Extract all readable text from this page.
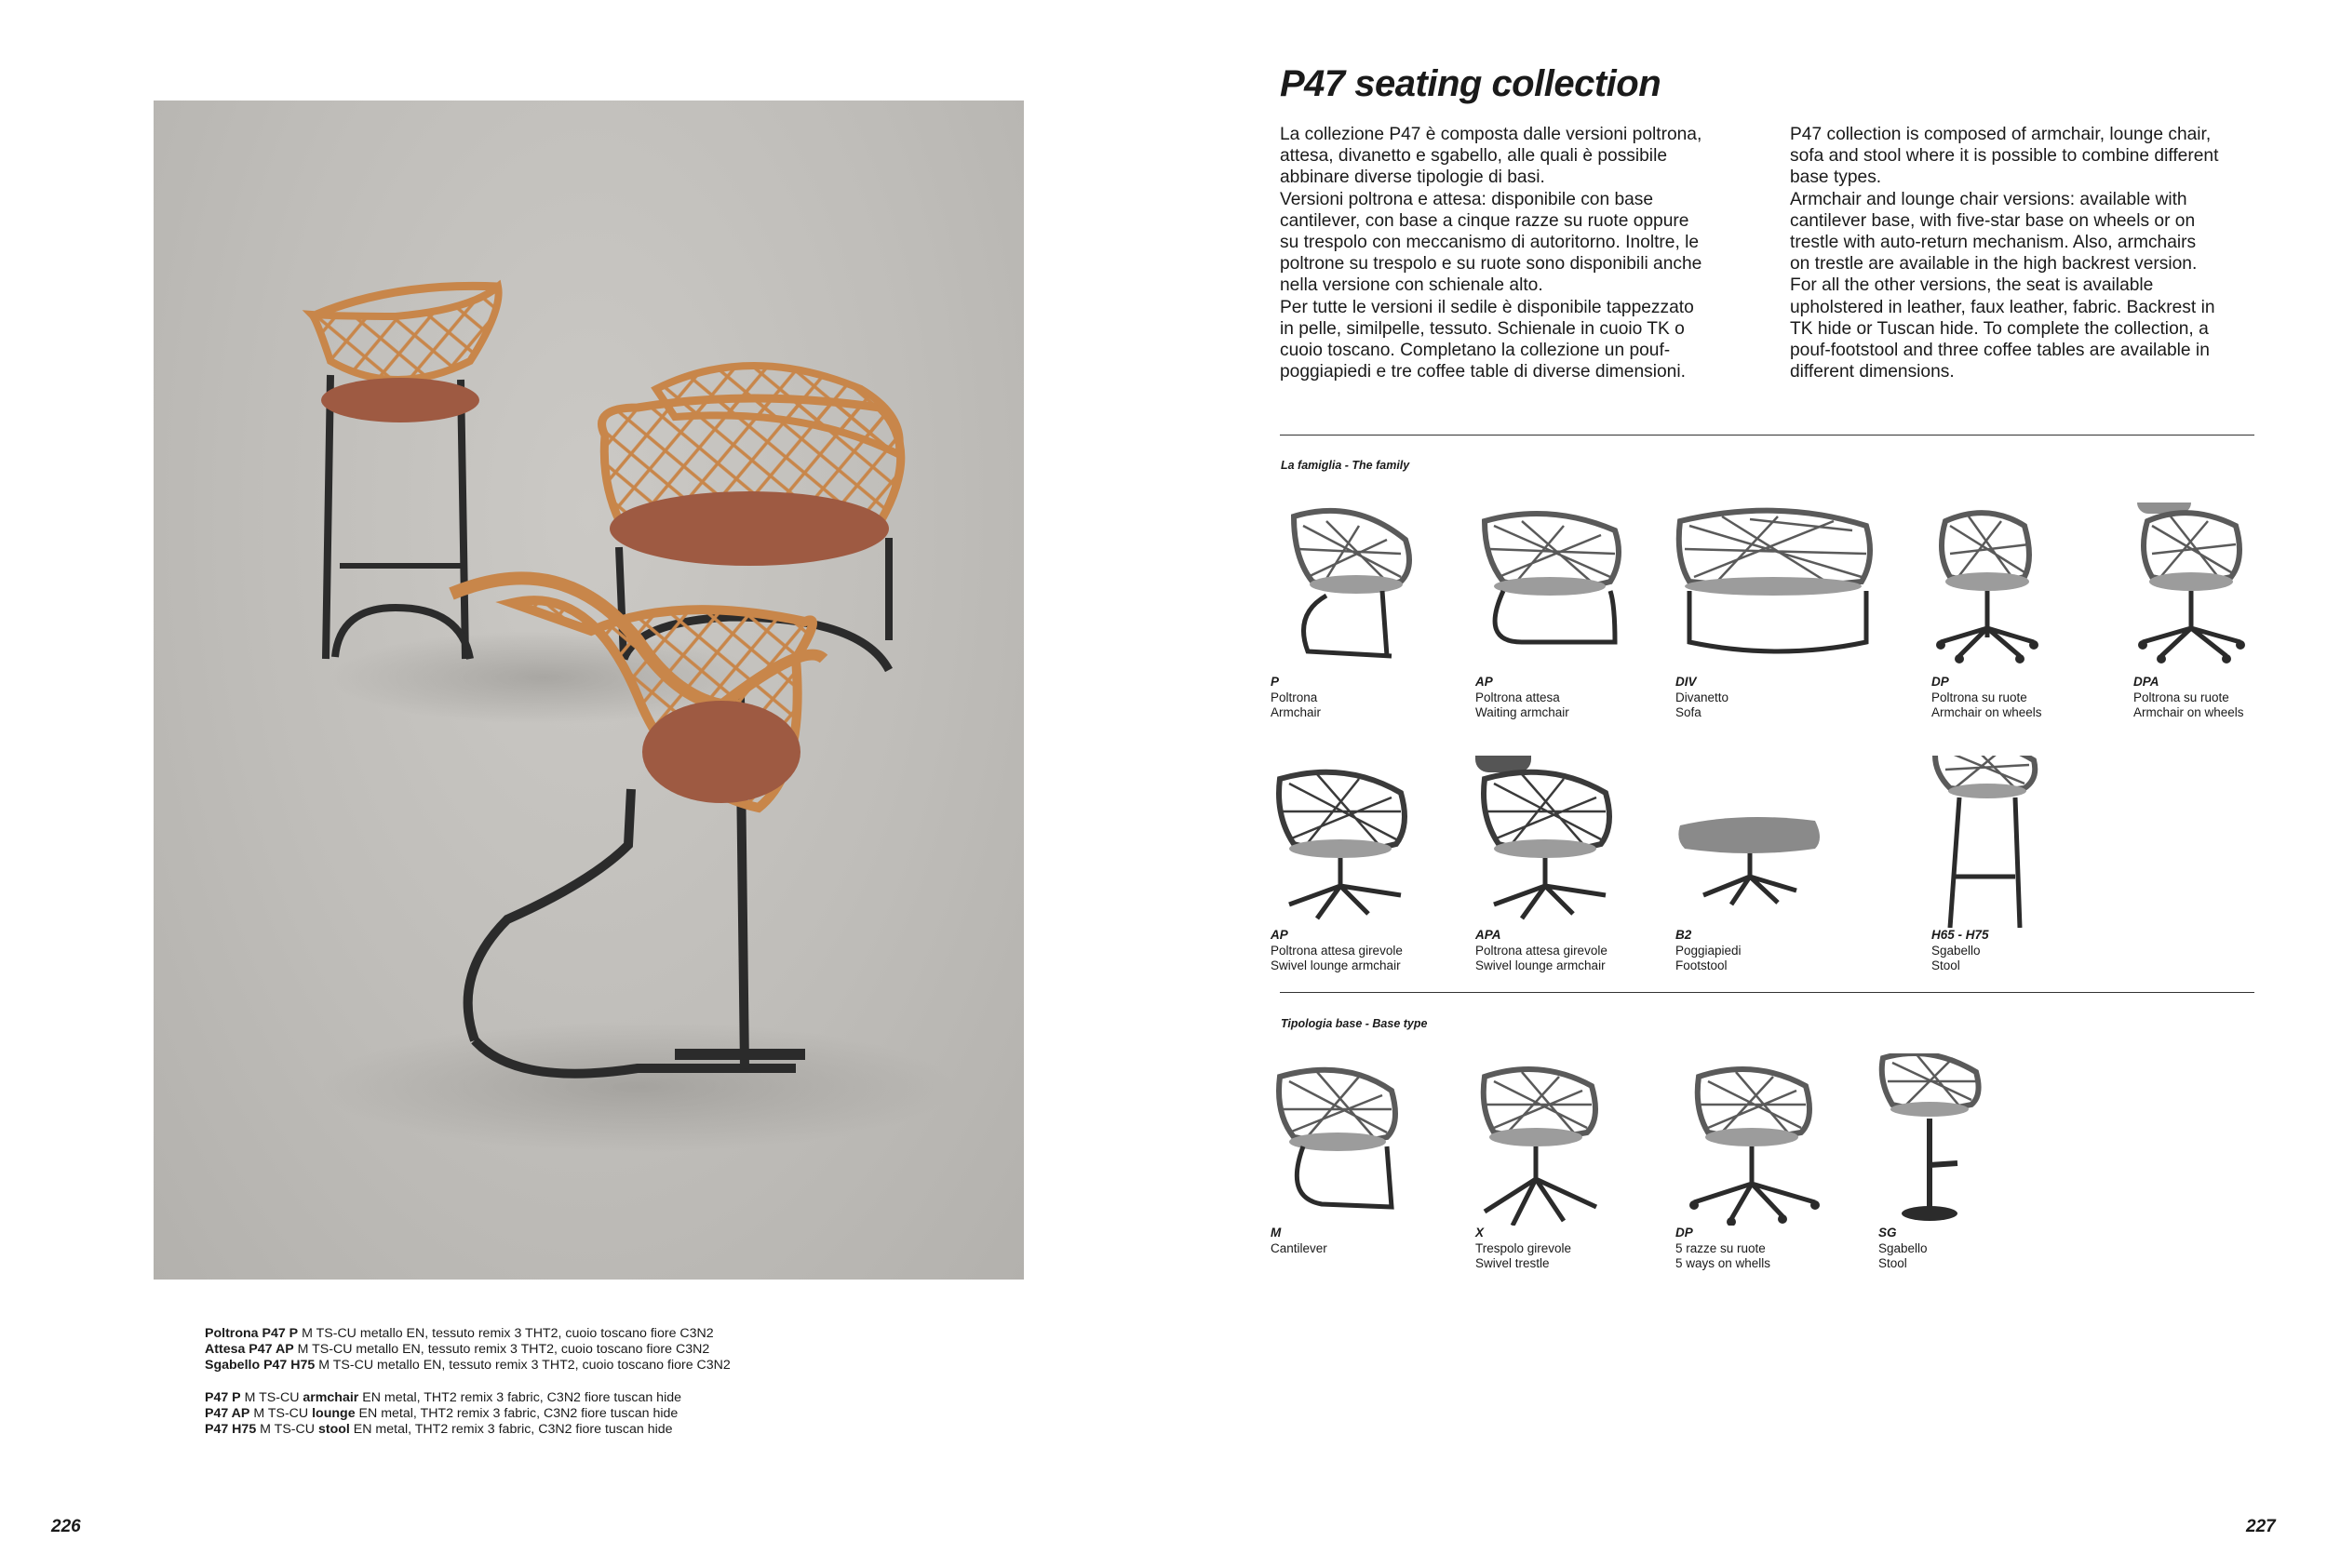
Poltrona P47 P M TS-CU metallo EN, tessuto remix 3 THT2, cuoio toscano fiore C3N2

Attesa P47 AP M TS-CU metallo EN, tessuto remix 3 THT2, cuoio toscano fiore C3N2

Sgabello P47 H75 M TS-CU metallo EN, tessuto remix 3 THT2, cuoio toscano fiore C3N2

P47 P M TS-CU armchair EN metal, THT2 remix 3 fabric, C3N2 fiore tuscan hide

P47 AP M TS-CU lounge EN metal, THT2 remix 3 fabric, C3N2 fiore tuscan hide

P47 H75 M TS-CU stool EN metal, THT2 remix 3 fabric, C3N2 fiore tuscan hide

226
P47 seating collection

La collezione P47 è composta dalle versioni poltrona,

attesa, divanetto e sgabello, alle quali è possibile

abbinare diverse tipologie di basi.

Versioni poltrona e attesa: disponibile con base

cantilever, con base a cinque razze su ruote oppure

su trespolo con meccanismo di autoritorno. Inoltre, le

poltrone su trespolo e su ruote sono disponibili anche

nella versione con schienale alto.

Per tutte le versioni il sedile è disponibile tappezzato

in pelle, similpelle, tessuto. Schienale in cuoio TK o

cuoio toscano. Completano la collezione un pouf-

poggiapiedi e tre coffee table di diverse dimensioni.

P47 collection is composed of armchair, lounge chair,

sofa and stool where it is possible to combine different

base types.

Armchair and lounge chair versions: available with

cantilever base, with five-star base on wheels or on

trestle with auto-return mechanism. Also, armchairs

on trestle are available in the high backrest version.

For all the other versions, the seat is available

upholstered in leather, faux leather, fabric. Backrest in

TK hide or Tuscan hide. To complete the collection, a

pouf-footstool and three coffee tables are available in

different dimensions.

La famiglia - The family
P
Poltrona
Armchair
AP
Poltrona attesa
Waiting armchair
DIV
Divanetto
Sofa
DP
Poltrona su ruote
Armchair on wheels
DPA
Poltrona su ruote
Armchair on wheels
AP
Poltrona attesa girevole
Swivel lounge armchair
APA
Poltrona attesa girevole
Swivel lounge armchair
B2
Poggiapiedi
Footstool
H65 - H75
Sgabello
Stool
Tipologia base - Base type
M
Cantilever
X
Trespolo girevole
Swivel trestle
DP
5 razze su ruote
5 ways on whells
SG
Sgabello
Stool
227
